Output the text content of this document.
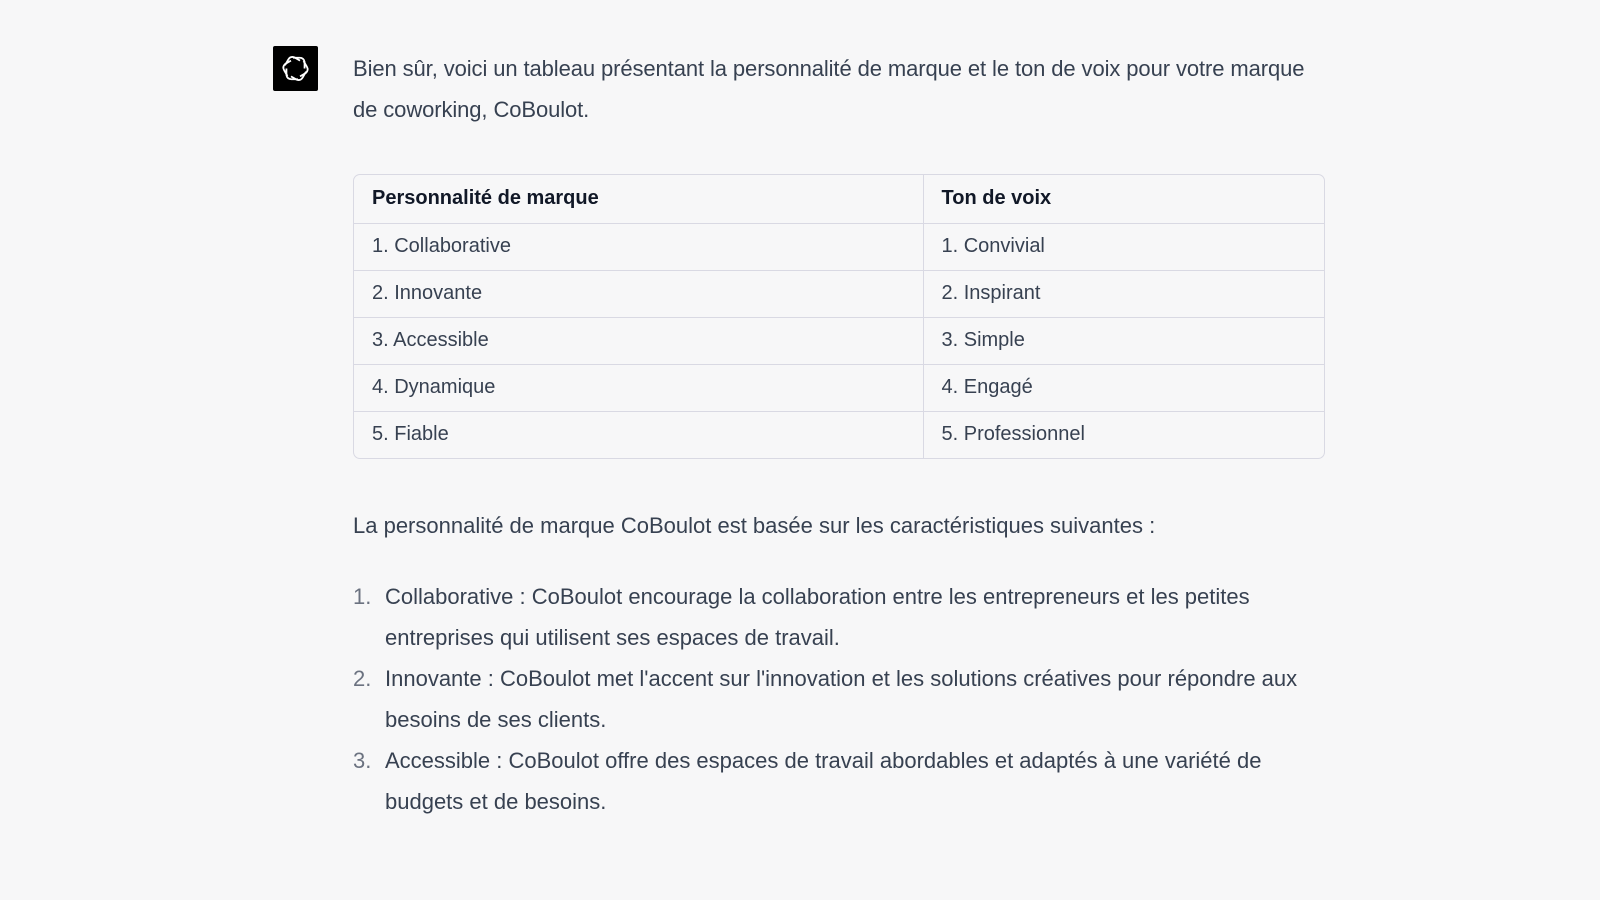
Bien sûr, voici un tableau présentant la personnalité de marque et le ton de voix pour votre marque de coworking, CoBoulot.

Personnalité de marque	Ton de voix
1. Collaborative	1. Convivial
2. Innovante	2. Inspirant
3. Accessible	3. Simple
4. Dynamique	4. Engagé
5. Fiable	5. Professionnel

La personnalité de marque CoBoulot est basée sur les caractéristiques suivantes :

1. Collaborative : CoBoulot encourage la collaboration entre les entrepreneurs et les petites entreprises qui utilisent ses espaces de travail.
2. Innovante : CoBoulot met l'accent sur l'innovation et les solutions créatives pour répondre aux besoins de ses clients.
3. Accessible : CoBoulot offre des espaces de travail abordables et adaptés à une variété de budgets et de besoins.
